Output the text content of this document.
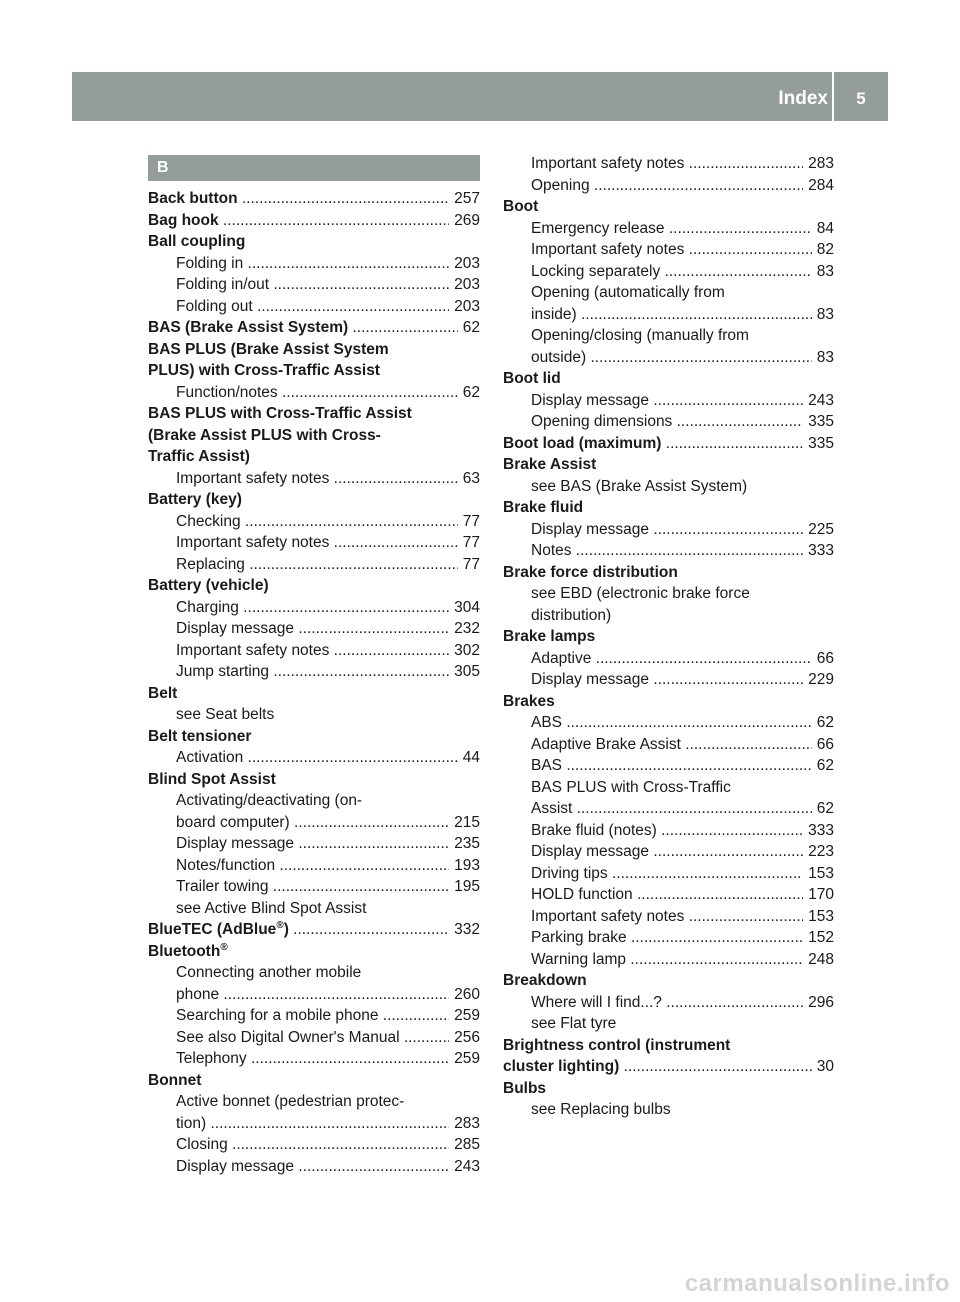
Index	5
B
Back button .....	257
Bag hook .....	269
Ball coupling
Folding in .....	203
Folding in/out .....	203
Folding out .....	203
BAS (Brake Assist System) .....	62
BAS PLUS (Brake Assist System
PLUS) with Cross-Traffic Assist
Function/notes .....	62
BAS PLUS with Cross-Traffic Assist
(Brake Assist PLUS with Cross-
Traffic Assist)
Important safety notes .....	63
Battery (key)
Checking .....	77
Important safety notes .....	77
Replacing .....	77
Battery (vehicle)
Charging .....	304
Display message .....	232
Important safety notes .....	302
Jump starting .....	305
Belt
see Seat belts
Belt tensioner
Activation .....	44
Blind Spot Assist
Activating/deactivating (on-
board computer) .....	215
Display message .....	235
Notes/function .....	193
Trailer towing .....	195
see Active Blind Spot Assist
BlueTEC (AdBlue®) .....	332
Bluetooth®
Connecting another mobile
phone .....	260
Searching for a mobile phone .....	259
See also Digital Owner's Manual .....	256
Telephony .....	259
Bonnet
Active bonnet (pedestrian protec-
tion) .....	283
Closing .....	285
Display message .....	243
Important safety notes .....	283
Opening .....	284
Boot
Emergency release .....	84
Important safety notes .....	82
Locking separately .....	83
Opening (automatically from
inside) .....	83
Opening/closing (manually from
outside) .....	83
Boot lid
Display message .....	243
Opening dimensions .....	335
Boot load (maximum) .....	335
Brake Assist
see BAS (Brake Assist System)
Brake fluid
Display message .....	225
Notes .....	333
Brake force distribution
see EBD (electronic brake force
distribution)
Brake lamps
Adaptive .....	66
Display message .....	229
Brakes
ABS .....	62
Adaptive Brake Assist .....	66
BAS .....	62
BAS PLUS with Cross-Traffic
Assist .....	62
Brake fluid (notes) .....	333
Display message .....	223
Driving tips .....	153
HOLD function .....	170
Important safety notes .....	153
Parking brake .....	152
Warning lamp .....	248
Breakdown
Where will I find...? .....	296
see Flat tyre
Brightness control (instrument
cluster lighting) .....	30
Bulbs
see Replacing bulbs
carmanualsonline.info
